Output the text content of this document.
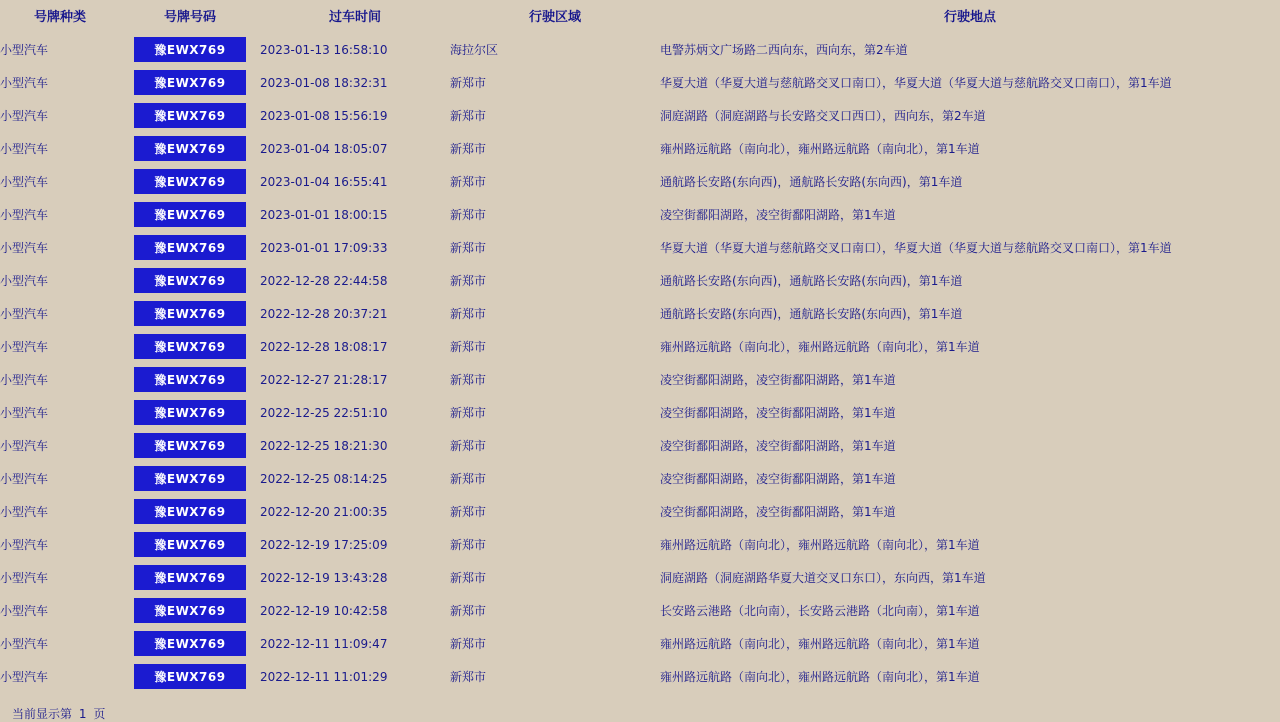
号牌种类	号牌号码	过车时间	行驶区域	行驶地点
小型汽车	豫EWX769	2023-01-13 16:58:10	海拉尔区	电警苏炳文广场路二西向东，西向东，第2车道
小型汽车	豫EWX769	2023-01-08 18:32:31	新郑市	华夏大道（华夏大道与慈航路交叉口南口），华夏大道（华夏大道与慈航路交叉口南口），第1车道
小型汽车	豫EWX769	2023-01-08 15:56:19	新郑市	洞庭湖路（洞庭湖路与长安路交叉口西口），西向东，第2车道
小型汽车	豫EWX769	2023-01-04 18:05:07	新郑市	雍州路远航路（南向北），雍州路远航路（南向北），第1车道
小型汽车	豫EWX769	2023-01-04 16:55:41	新郑市	通航路长安路(东向西)，通航路长安路(东向西)，第1车道
小型汽车	豫EWX769	2023-01-01 18:00:15	新郑市	凌空街鄱阳湖路，凌空街鄱阳湖路，第1车道
小型汽车	豫EWX769	2023-01-01 17:09:33	新郑市	华夏大道（华夏大道与慈航路交叉口南口），华夏大道（华夏大道与慈航路交叉口南口），第1车道
小型汽车	豫EWX769	2022-12-28 22:44:58	新郑市	通航路长安路(东向西)，通航路长安路(东向西)，第1车道
小型汽车	豫EWX769	2022-12-28 20:37:21	新郑市	通航路长安路(东向西)，通航路长安路(东向西)，第1车道
小型汽车	豫EWX769	2022-12-28 18:08:17	新郑市	雍州路远航路（南向北），雍州路远航路（南向北），第1车道
小型汽车	豫EWX769	2022-12-27 21:28:17	新郑市	凌空街鄱阳湖路，凌空街鄱阳湖路，第1车道
小型汽车	豫EWX769	2022-12-25 22:51:10	新郑市	凌空街鄱阳湖路，凌空街鄱阳湖路，第1车道
小型汽车	豫EWX769	2022-12-25 18:21:30	新郑市	凌空街鄱阳湖路，凌空街鄱阳湖路，第1车道
小型汽车	豫EWX769	2022-12-25 08:14:25	新郑市	凌空街鄱阳湖路，凌空街鄱阳湖路，第1车道
小型汽车	豫EWX769	2022-12-20 21:00:35	新郑市	凌空街鄱阳湖路，凌空街鄱阳湖路，第1车道
小型汽车	豫EWX769	2022-12-19 17:25:09	新郑市	雍州路远航路（南向北），雍州路远航路（南向北），第1车道
小型汽车	豫EWX769	2022-12-19 13:43:28	新郑市	洞庭湖路（洞庭湖路华夏大道交叉口东口），东向西，第1车道
小型汽车	豫EWX769	2022-12-19 10:42:58	新郑市	长安路云港路（北向南），长安路云港路（北向南），第1车道
小型汽车	豫EWX769	2022-12-11 11:09:47	新郑市	雍州路远航路（南向北），雍州路远航路（南向北），第1车道
小型汽车	豫EWX769	2022-12-11 11:01:29	新郑市	雍州路远航路（南向北），雍州路远航路（南向北），第1车道
当前显示第 1 页
